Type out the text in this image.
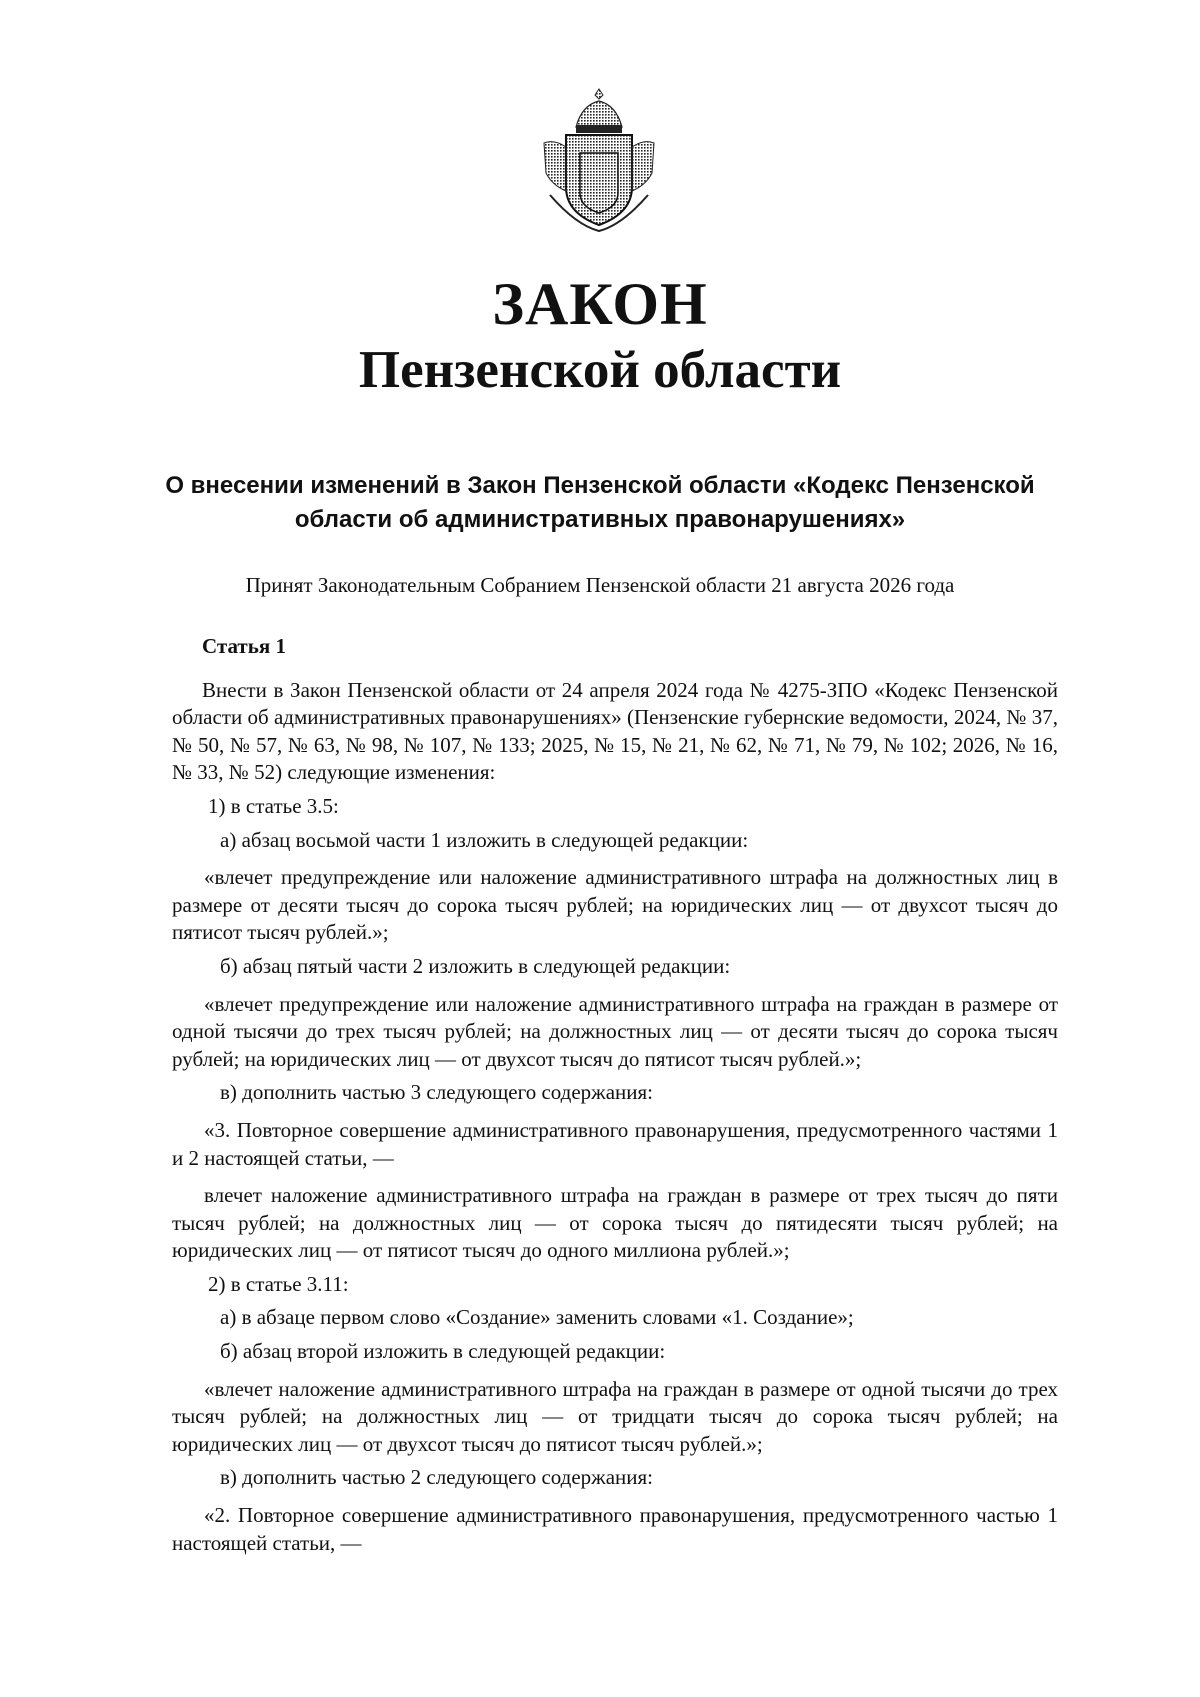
ЗАКОН
Пензенской области

О внесении изменений в Закон Пензенской области «Кодекс Пензенской области об административных правонарушениях»

Принят Законодательным Собранием Пензенской области 21 августа 2026 года

Статья 1

Внести в Закон Пензенской области от 24 апреля 2024 года № 4275-ЗПО «Кодекс Пензенской области об административных правонарушениях» (Пензенские губернские ведомости, 2024, № 37, № 50, № 57, № 63, № 98, № 107, № 133; 2025, № 15, № 21, № 62, № 71, № 79, № 102; 2026, № 16, № 33, № 52) следующие изменения:

1) в статье 3.5:

а) абзац восьмой части 1 изложить в следующей редакции:

«влечет предупреждение или наложение административного штрафа на должностных лиц в размере от десяти тысяч до сорока тысяч рублей; на юридических лиц — от двухсот тысяч до пятисот тысяч рублей.»;

б) абзац пятый части 2 изложить в следующей редакции:

«влечет предупреждение или наложение административного штрафа на граждан в размере от одной тысячи до трех тысяч рублей; на должностных лиц — от десяти тысяч до сорока тысяч рублей; на юридических лиц — от двухсот тысяч до пятисот тысяч рублей.»;

в) дополнить частью 3 следующего содержания:

«3. Повторное совершение административного правонарушения, предусмотренного частями 1 и 2 настоящей статьи, —

влечет наложение административного штрафа на граждан в размере от трех тысяч до пяти тысяч рублей; на должностных лиц — от сорока тысяч до пятидесяти тысяч рублей; на юридических лиц — от пятисот тысяч до одного миллиона рублей.»;

2) в статье 3.11:

а) в абзаце первом слово «Создание» заменить словами «1. Создание»;

б) абзац второй изложить в следующей редакции:

«влечет наложение административного штрафа на граждан в размере от одной тысячи до трех тысяч рублей; на должностных лиц — от тридцати тысяч до сорока тысяч рублей; на юридических лиц — от двухсот тысяч до пятисот тысяч рублей.»;

в) дополнить частью 2 следующего содержания:

«2. Повторное совершение административного правонарушения, предусмотренного частью 1 настоящей статьи, —
